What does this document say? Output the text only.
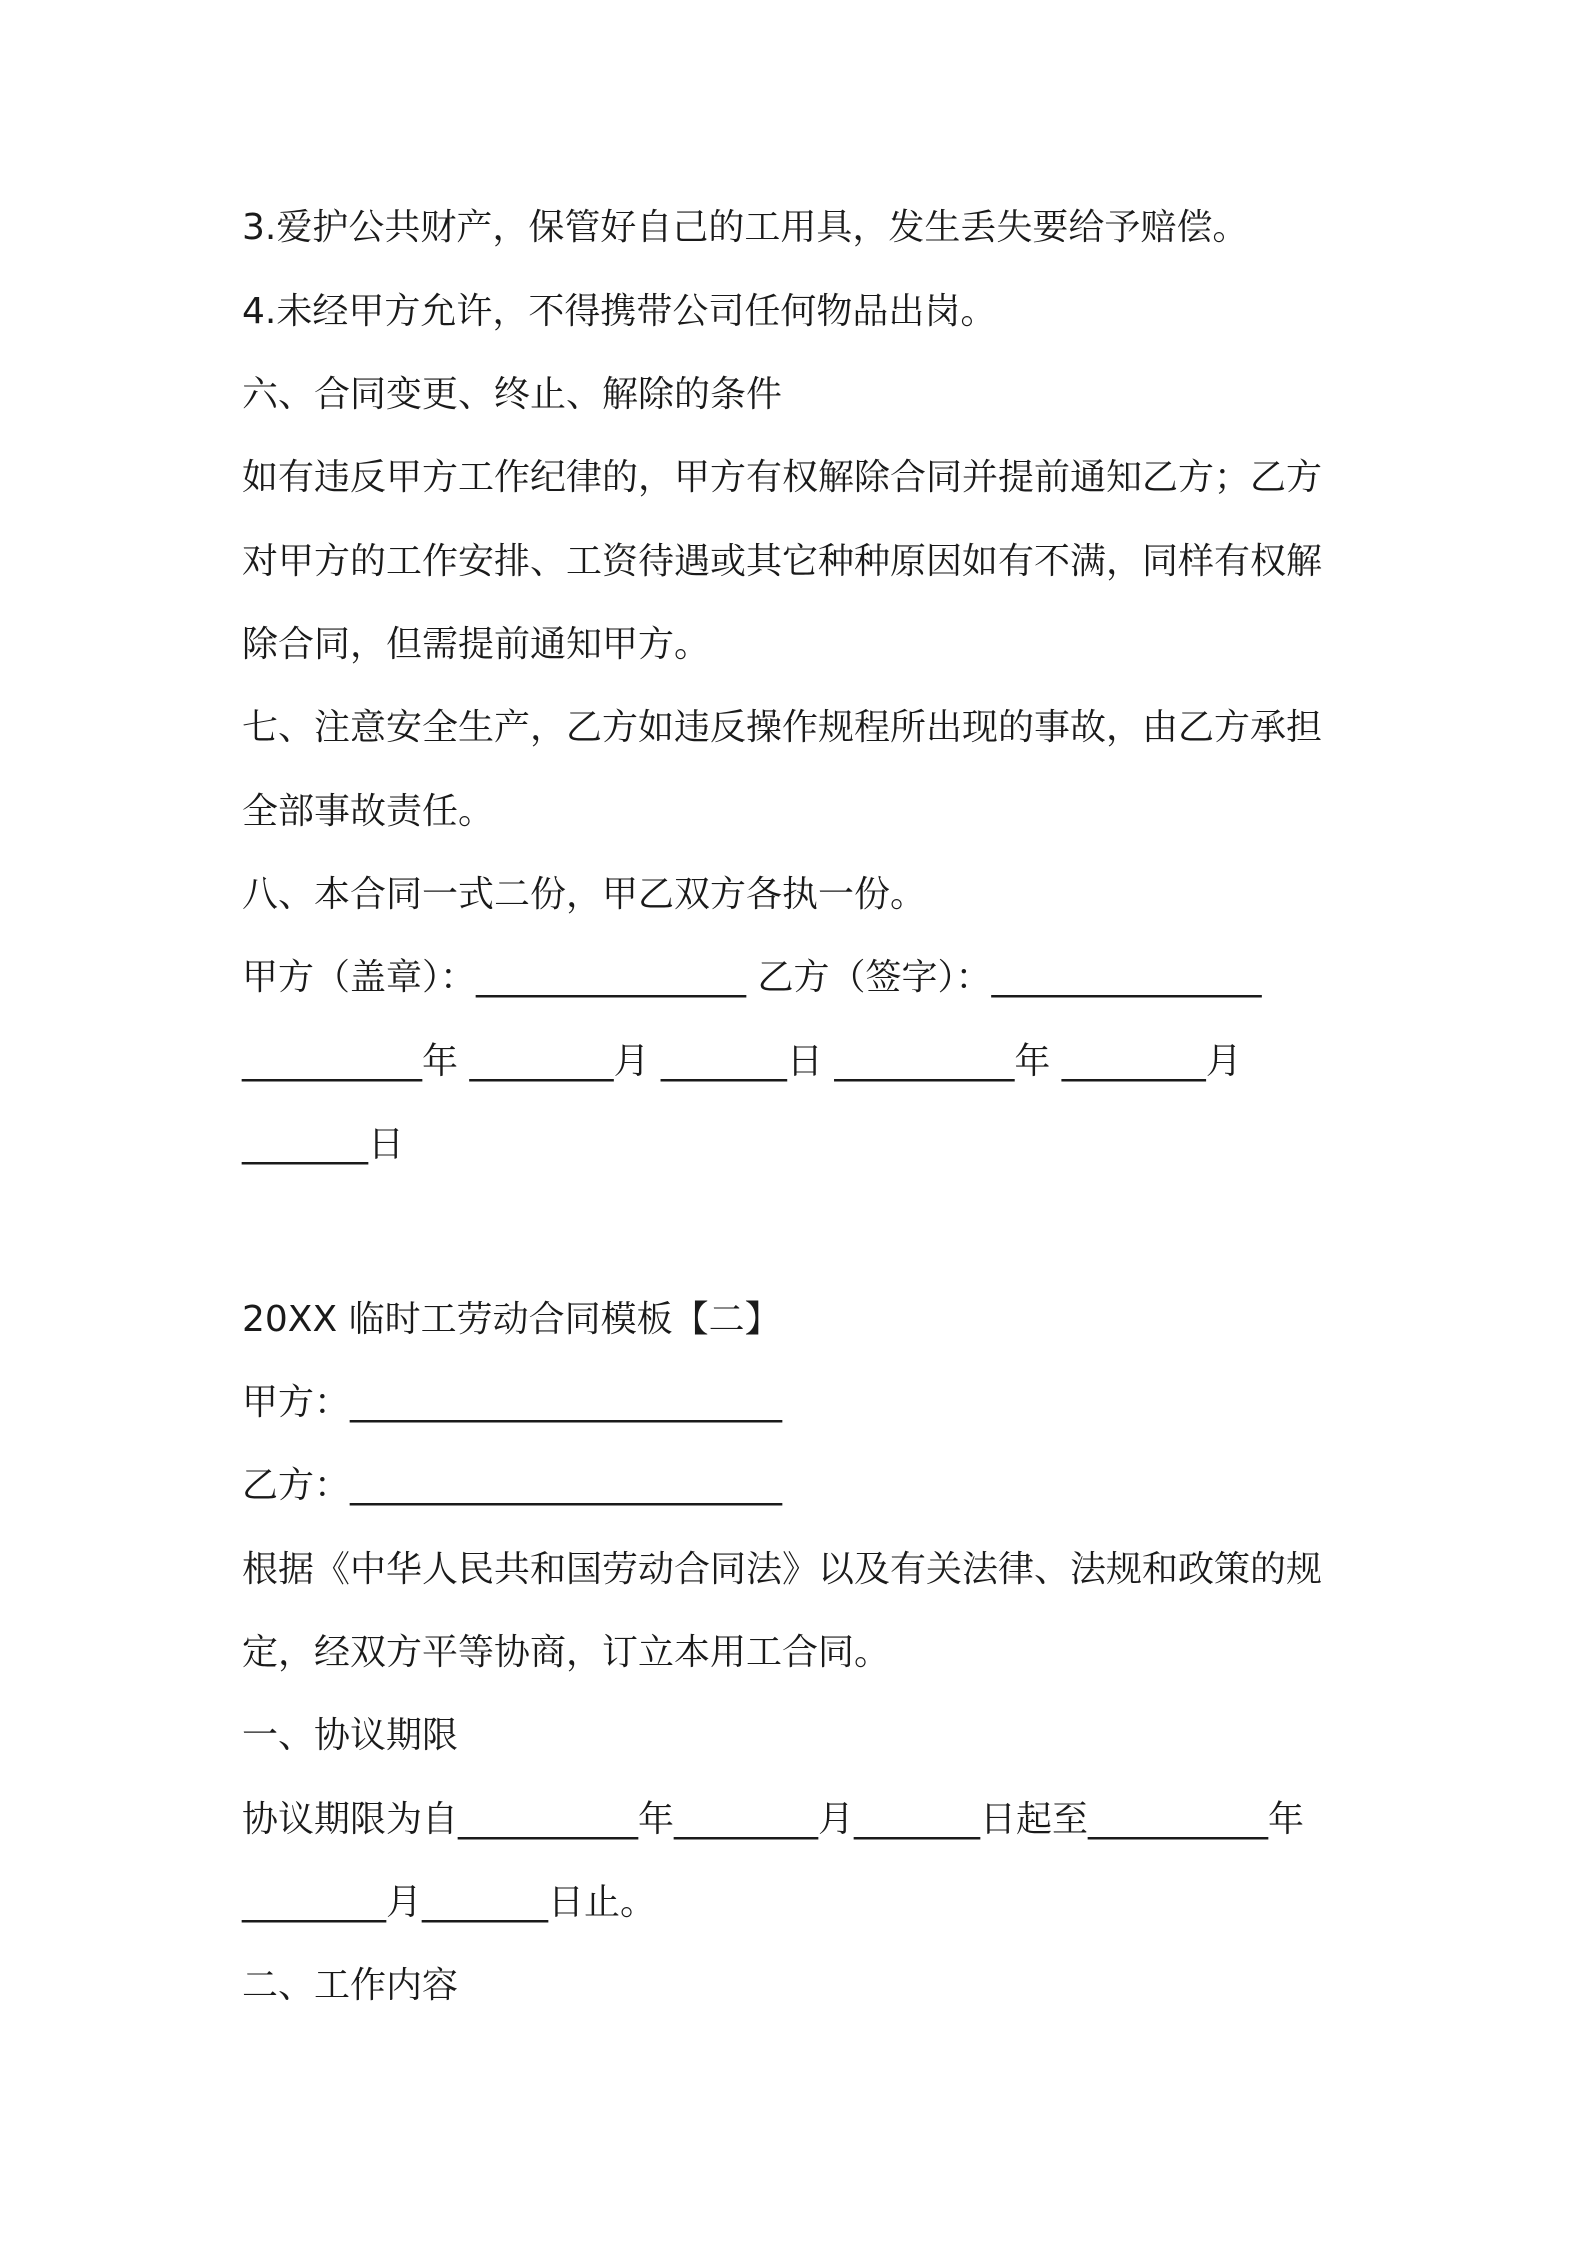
3.爱护公共财产，保管好自己的工用具，发生丢失要给予赔偿。
4.未经甲方允许，不得携带公司任何物品出岗。
六、合同变更、终止、解除的条件
如有违反甲方工作纪律的，甲方有权解除合同并提前通知乙方；乙方
对甲方的工作安排、工资待遇或其它种种原因如有不满，同样有权解
除合同，但需提前通知甲方。
七、注意安全生产，乙方如违反操作规程所出现的事故，由乙方承担
全部事故责任。
八、本合同一式二份，甲乙双方各执一份。
甲方（盖章）：_______________ 乙方（签字）：_______________
__________年 ________月 _______日 __________年 ________月
_______日
20XX 临时工劳动合同模板【二】
甲方：________________________
乙方：________________________
根据《中华人民共和国劳动合同法》以及有关法律、法规和政策的规
定，经双方平等协商，订立本用工合同。
一、协议期限
协议期限为自__________年________月_______日起至__________年
________月_______日止。
二、工作内容
